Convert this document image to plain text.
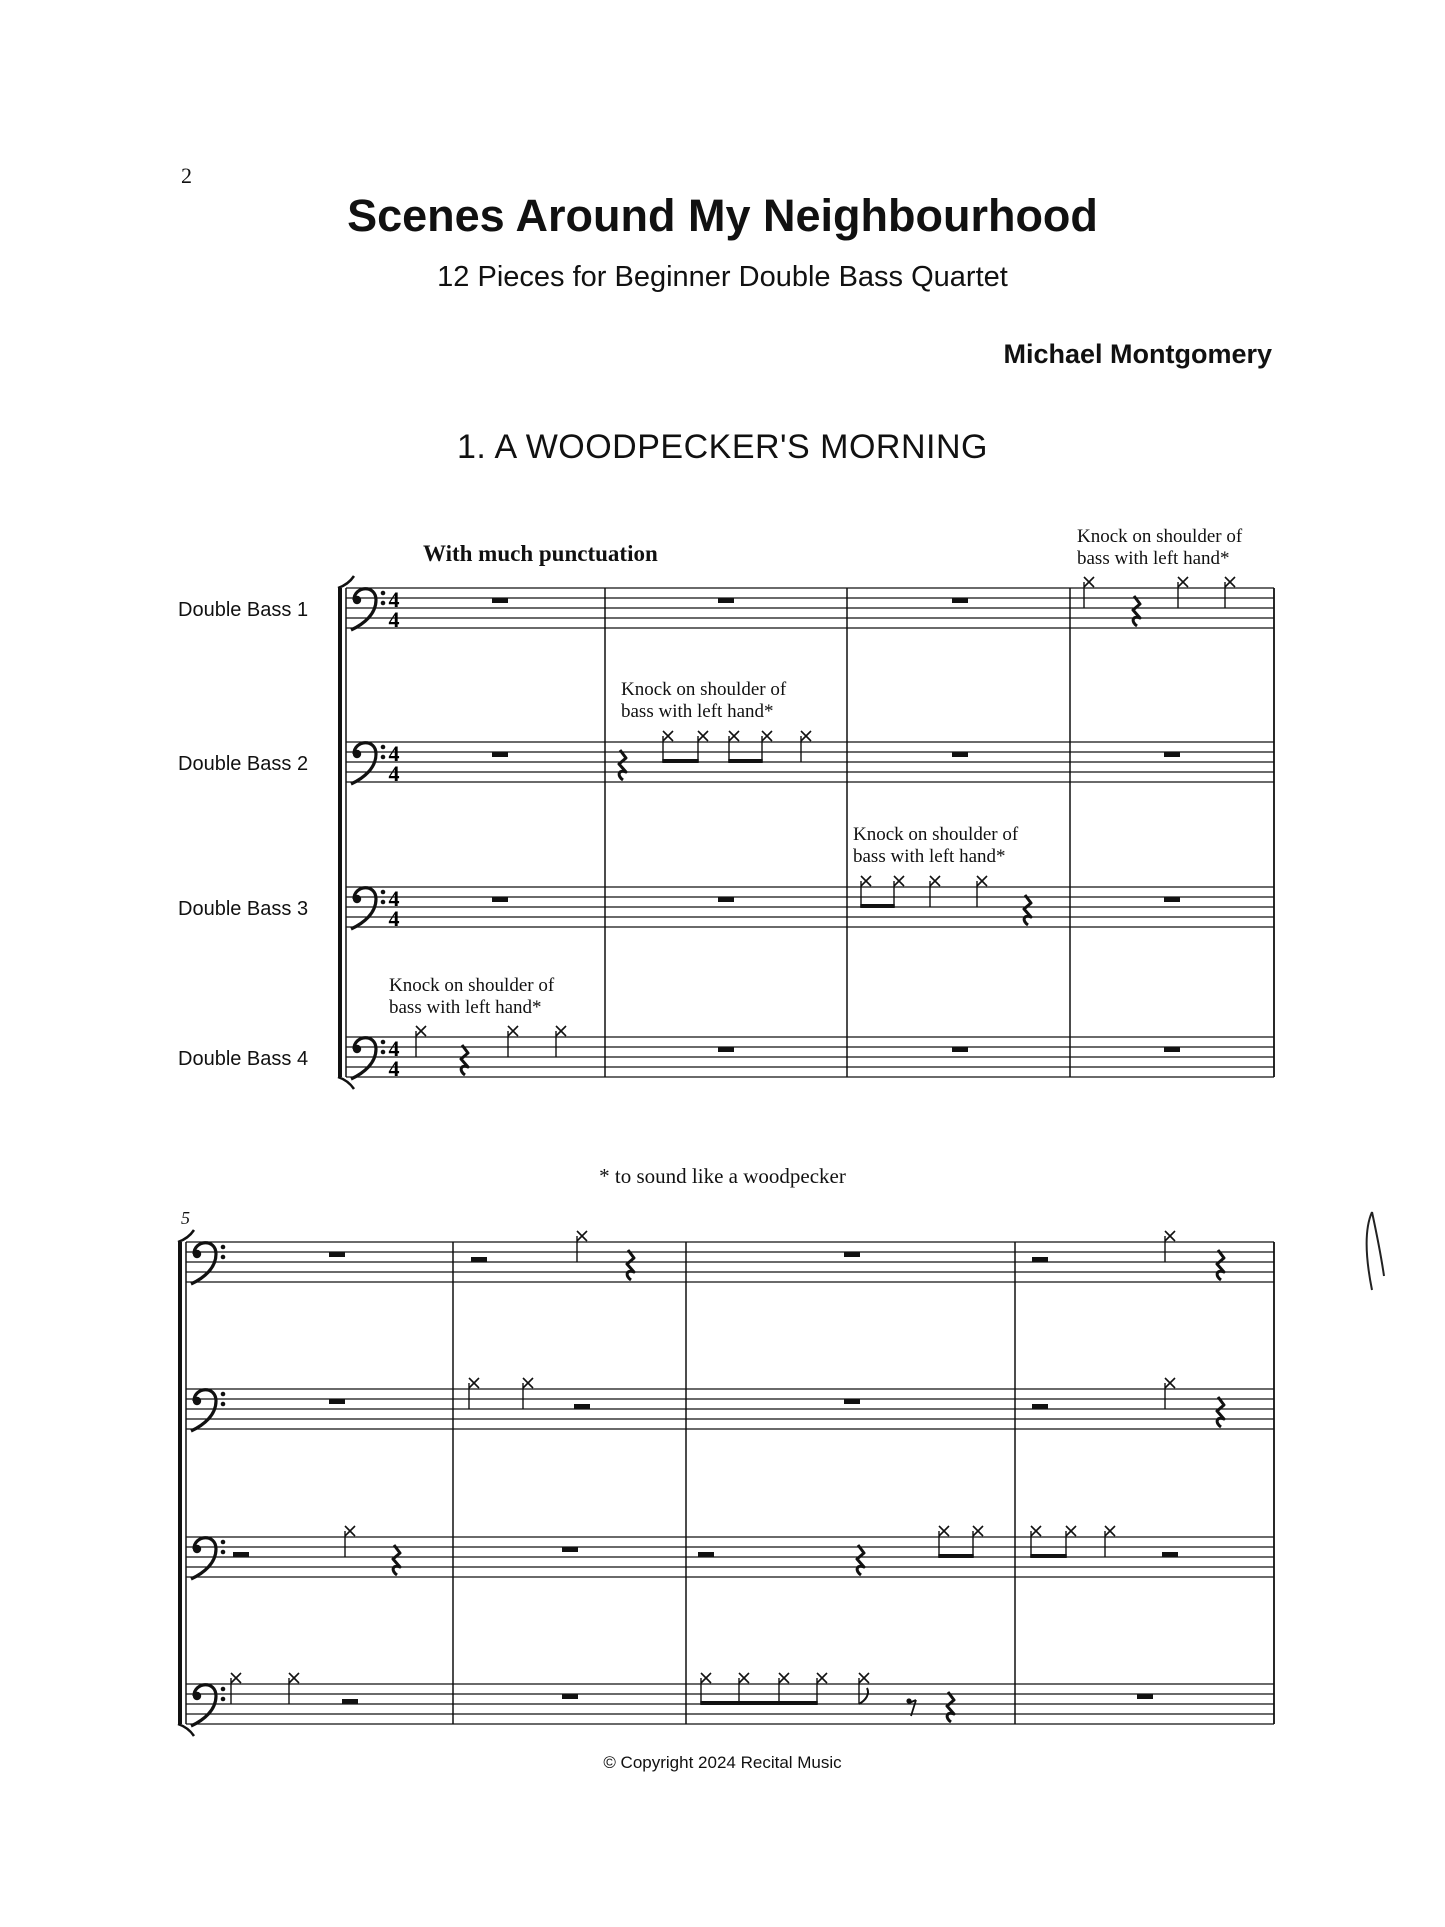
2
Scenes Around My Neighbourhood
12 Pieces for Beginner Double Bass Quartet
Michael Montgomery
1. A WOODPECKER'S MORNING
With much punctuation
Double Bass 1
Double Bass 2
Double Bass 3
Double Bass 4
Knock on shoulder of
bass with left hand*
Knock on shoulder of
bass with left hand*
Knock on shoulder of
bass with left hand*
Knock on shoulder of
bass with left hand*
* to sound like a woodpecker
5
© Copyright 2024 Recital Music
4
4
4
4
4
4
4
4
